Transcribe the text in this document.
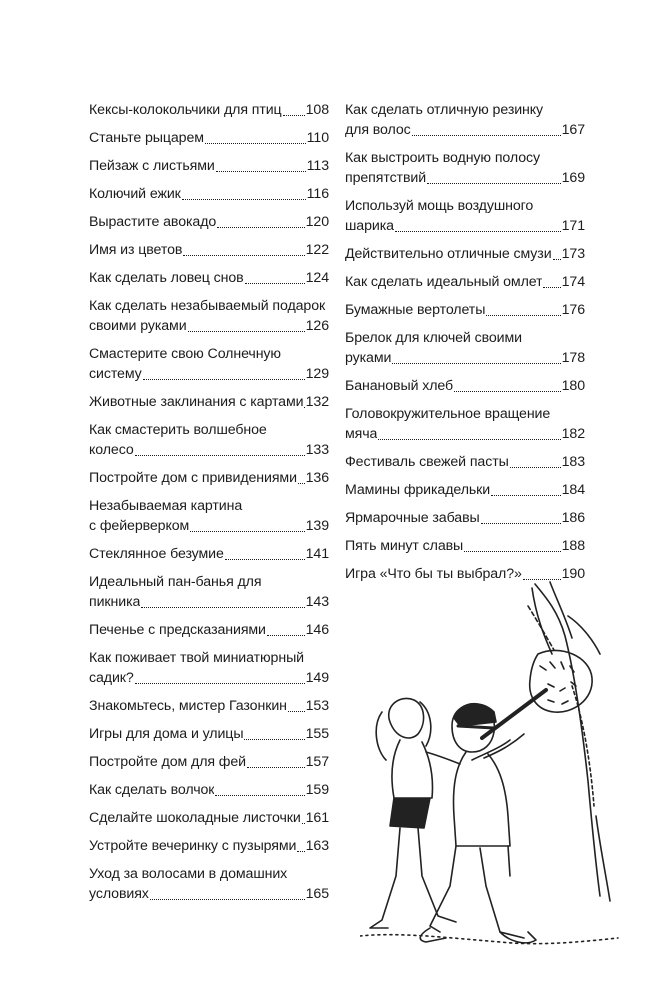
Кексы-колокольчики для птиц 108
Станьте рыцарем	110
Пейзаж с листьями	113
Колючий ежик	116
Вырастите авокадо	120
Имя из цветов	122
Как сделать ловец снов	124
Как сделать незабываемый подарок
своими руками	126
Смастерите свою Солнечную
систему	129
Животные заклинания с картами 132
Как смастерить волшебное
колесо	133
Постройте дом с привидениями 136
Незабываемая картина
с фейерверком	139
Стеклянное безумие	141
Идеальный пан-банья для
пикника	143
Печенье с предсказаниями	146
Как поживает твой миниатюрный
садик?	149
Знакомьтесь, мистер Газонкин 153
Игры для дома и улицы	155
Постройте дом для фей	157
Как сделать волчок	159
Сделайте шоколадные листочки 161
Устройте вечеринку с пузырями 163
Уход за волосами в домашних
условиях	165
Как сделать отличную резинку
для волос	167
Как выстроить водную полосу
препятствий	169
Используй мощь воздушного
шарика	171
Действительно отличные смузи 173
Как сделать идеальный омлет 174
Бумажные вертолеты	176
Брелок для ключей своими
руками	178
Банановый хлеб	180
Головокружительное вращение
мяча	182
Фестиваль свежей пасты	183
Мамины фрикадельки	184
Ярмарочные забавы	186
Пять минут славы	188
Игра «Что бы ты выбрал?»	190
